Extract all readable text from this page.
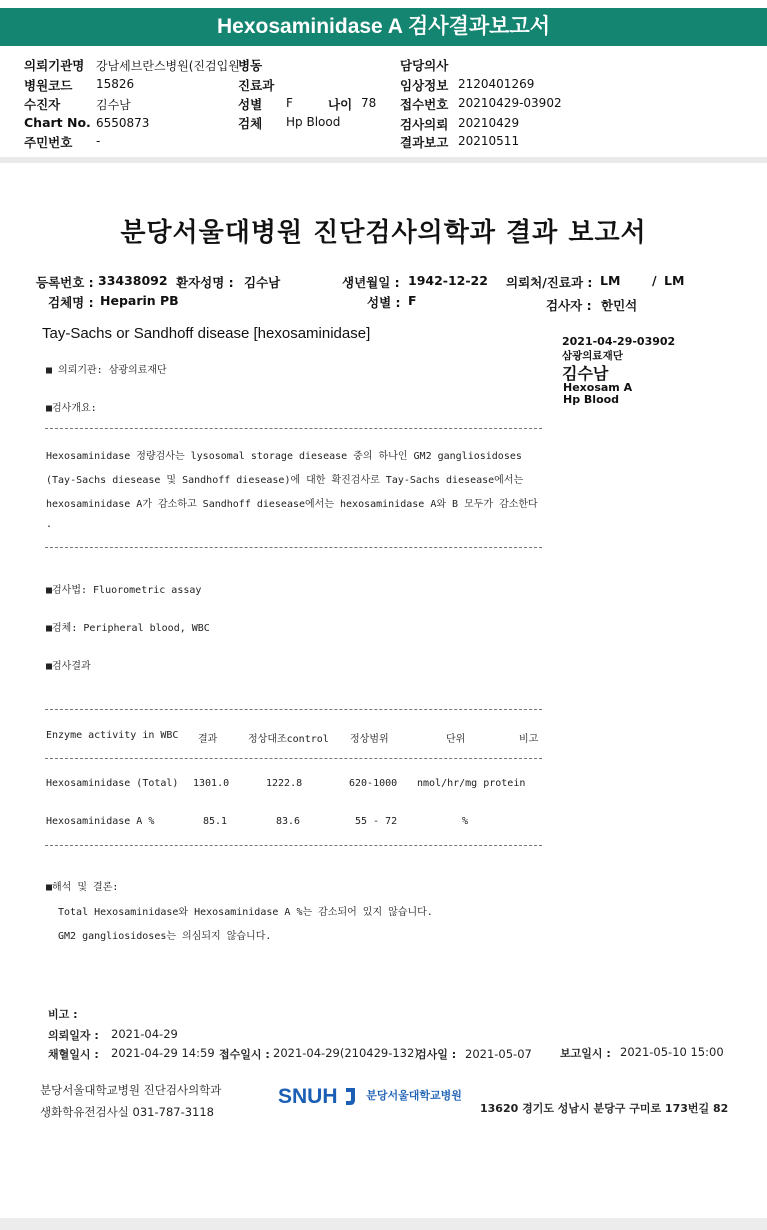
Hexosaminidase A 검사결과보고서
의뢰기관명 강남세브란스병원(진검입원
병동	담당의사
병원코드 15826	진료과	임상정보 2120401269
수진자	김수남	성별 F	나이 78 접수번호 20210429-03902
Chart No. 6550873	검체 Hp Blood	검사의뢰 20210429
주민번호 -	결과보고 20210511
분당서울대병원 진단검사의학과 결과 보고서
등록번호 : 33438092 환자성명 : 김수남	생년월일 : 1942-12-22 의뢰처/진료과 : LM	/ LM
검체명 : Heparin PB	성별 : F	검사자 : 한민석
Tay-Sachs or Sandhoff disease [hexosaminidase]	2021-04-29-03902
삼광의료재단
김수남
Hexosam A
Hp Blood
■ 의뢰기관: 삼광의료재단
■검사개요:
Hexosaminidase 정량검사는 lysosomal storage diesease 중의 하나인 GM2 gangliosidoses
(Tay-Sachs diesease 및 Sandhoff diesease)에 대한 확진검사로 Tay-Sachs diesease에서는
hexosaminidase A가 감소하고 Sandhoff diesease에서는 hexosaminidase A와 B 모두가 감소한다
.
■검사법: Fluorometric assay
■검체: Peripheral blood, WBC
■검사결과
Enzyme activity in WBC 결과	정상대조control 정상범위	단위	비고
Hexosaminidase (Total) 1301.0	1222.8	620-1000 nmol/hr/mg protein
Hexosaminidase A %	85.1	83.6	55 - 72	%
■해석 및 결론:
Total Hexosaminidase와 Hexosaminidase A %는 감소되어 있지 않습니다.
GM2 gangliosidoses는 의심되지 않습니다.
비고 :
의뢰일자 : 2021-04-29
채혈일시 : 2021-04-29 14:59 접수일시 : 2021-04-29(210429-132)
검사일 : 2021-05-07	보고일시 : 2021-05-10 15:00
분당서울대학교병원 진단검사의학과
생화학유전검사실 031-787-3118
SNUH	분당서울대학교병원
13620 경기도 성남시 분당구 구미로 173번길 82
